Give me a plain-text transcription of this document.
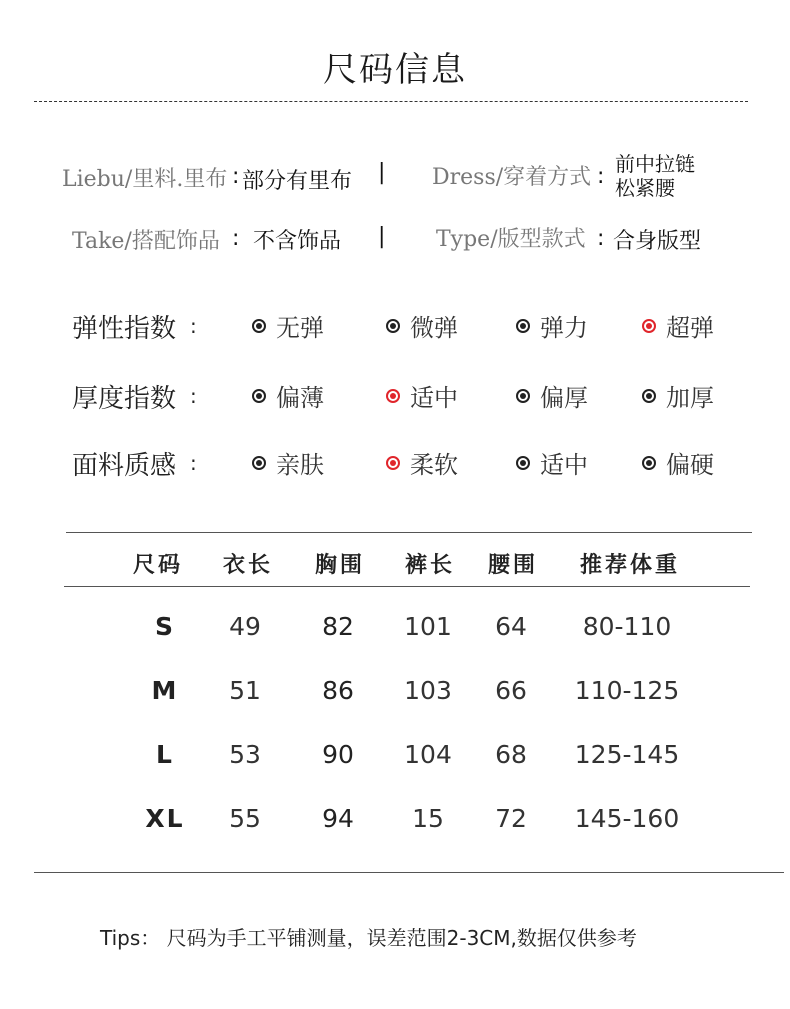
尺码信息
Liebu/里料.里布 : 部分有里布 | Dress/穿着方式 : 前中拉链
松紧腰
Take/搭配饰品 : 不含饰品 | Type/版型款式 : 合身版型
弹性指数 :	无弹	微弹	弹力	超弹
厚度指数 :	偏薄	适中	偏厚	加厚
面料质感 :	亲肤	柔软	适中	偏硬
尺码	衣长	胸围	裤长	腰围	推荐体重
S	49	82	101	64	80-110
M	51	86	103	66	110-125
L	53	90	104	68	125-145
XL	55	94	15	72	145-160
Tips： 尺码为手工平铺测量，误差范围2-3CM,数据仅供参考
